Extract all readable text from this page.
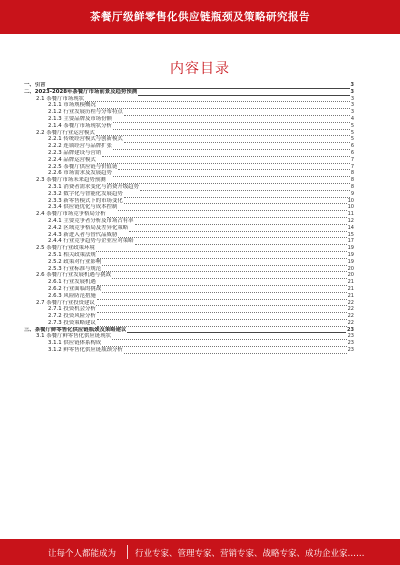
茶餐厅级鲜零售化供应链瓶颈及策略研究报告
内容目录
一、引言	3
二、2023-2028年茶餐厅市场前景及趋势预测	3
2.1 茶餐厅市场现状	3
2.1.1 市场规模概况	3
2.1.2 行业发展历程与分布特点	3
2.1.3 主要品牌及市场份额	4
2.1.4 茶餐厅市场现状分析	5
2.2 茶餐厅行业运营模式	5
2.2.1 传统经营模式与创新模式	5
2.2.2 连锁经营与品牌扩张	6
2.2.3 品牌建设与营销	6
2.2.4 品牌运营模式	7
2.2.5 茶餐厅供应链与价值链	7
2.2.6 市场需求及发展趋势	8
2.3 茶餐厅市场未来趋势预测	8
2.3.1 消费者需求变化与消费升级趋势	8
2.3.2 数字化与智能化发展趋势	9
2.3.3 新零售模式下的市场变化	10
2.3.4 供应链优化与成本控制	10
2.4 茶餐厅市场竞争格局分析	11
2.4.1 主要竞争者分析及市场占有率	12
2.4.2 区域竞争格局及差异化策略	14
2.4.3 新进入者与替代品威胁	15
2.4.4 行业竞争趋势与企业应对策略	17
2.5 茶餐厅行业政策环境	19
2.5.1 相关政策法规	19
2.5.2 政策对行业影响	19
2.5.3 行业标准与规范	20
2.6 茶餐厅行业发展机遇与挑战	20
2.6.1 行业发展机遇	21
2.6.2 行业面临的挑战	21
2.6.3 风险防范措施	21
2.7 茶餐厅行业投资建议	22
2.7.1 投资机会分析	22
2.7.2 投资风险分析	22
2.7.3 投资策略建议	22
三、茶餐厅鲜零售化供应链瓶颈及策略建议	23
3.1 茶餐厅鲜零售化供应链现状	23
3.1.1 供应链体系构成	23
3.1.2 鲜零售化供应链瓶颈分析	23
让每个人都能成为 行业专家、管理专家、营销专家、战略专家、成功企业家……
